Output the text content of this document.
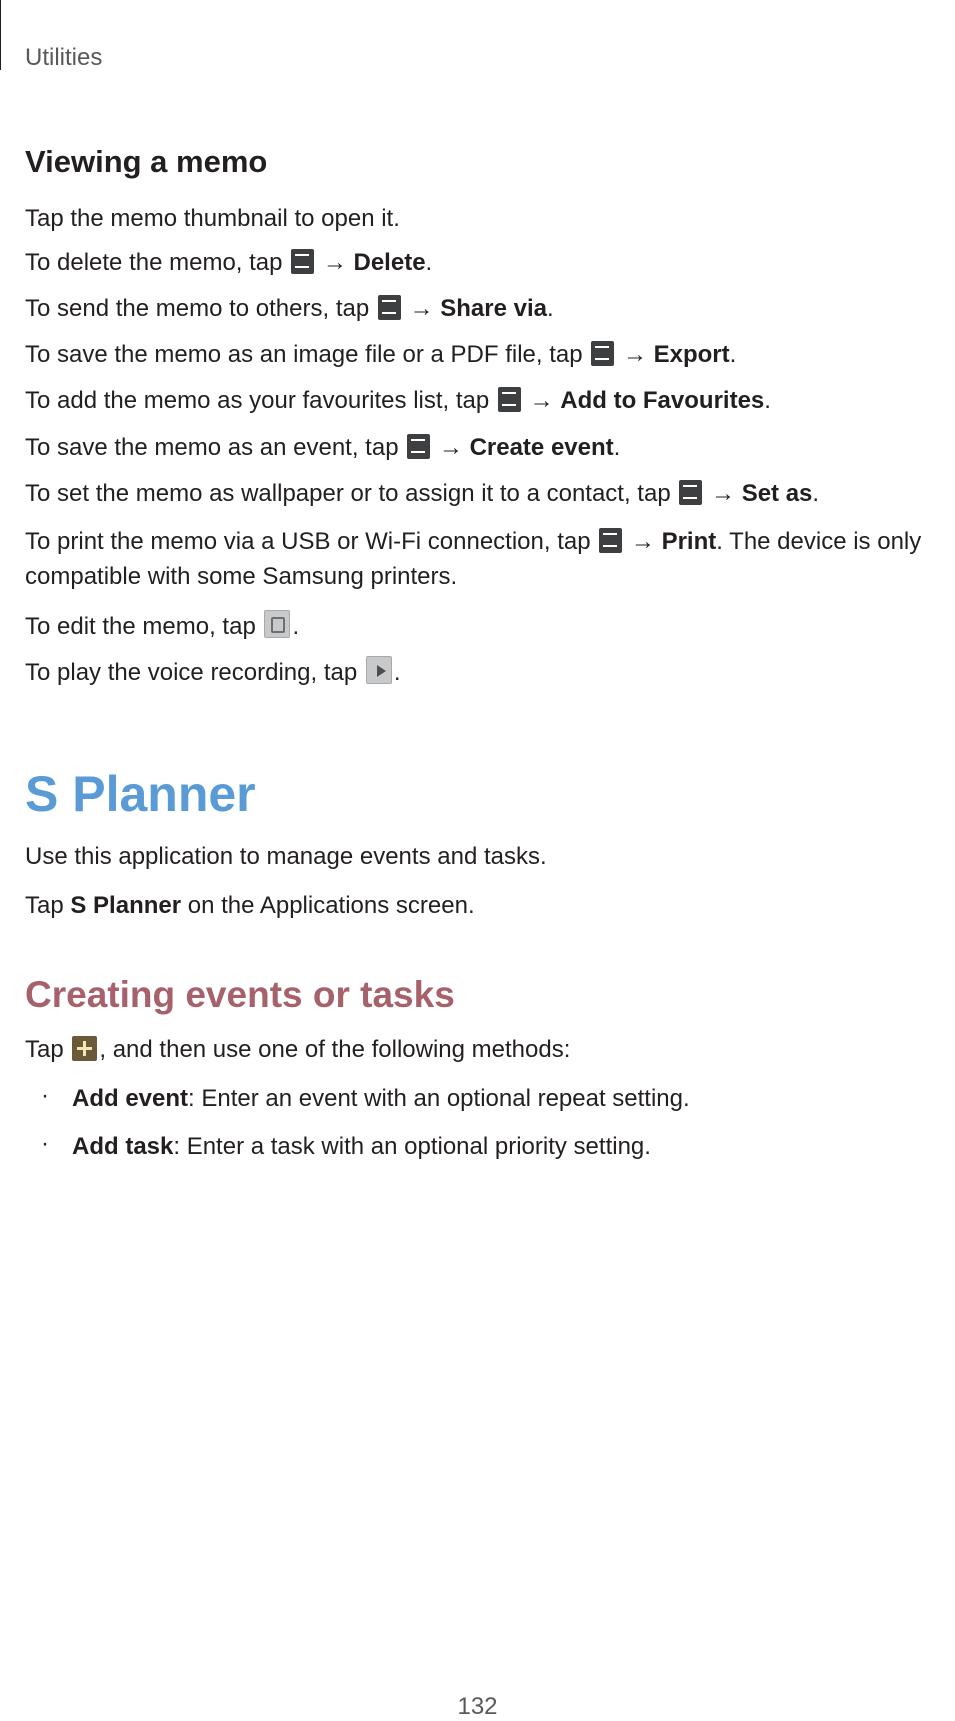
Utilities
Viewing a memo

Tap the memo thumbnail to open it.

To delete the memo, tap → Delete.

To send the memo to others, tap → Share via.

To save the memo as an image file or a PDF file, tap → Export.

To add the memo as your favourites list, tap → Add to Favourites.

To save the memo as an event, tap → Create event.

To set the memo as wallpaper or to assign it to a contact, tap → Set as.

To print the memo via a USB or Wi-Fi connection, tap → Print. The device is only compatible with some Samsung printers.

To edit the memo, tap .

To play the voice recording, tap .

S Planner

Use this application to manage events and tasks.

Tap S Planner on the Applications screen.

Creating events or tasks

Tap , and then use one of the following methods:

· Add event: Enter an event with an optional repeat setting.

· Add task: Enter a task with an optional priority setting.

132
